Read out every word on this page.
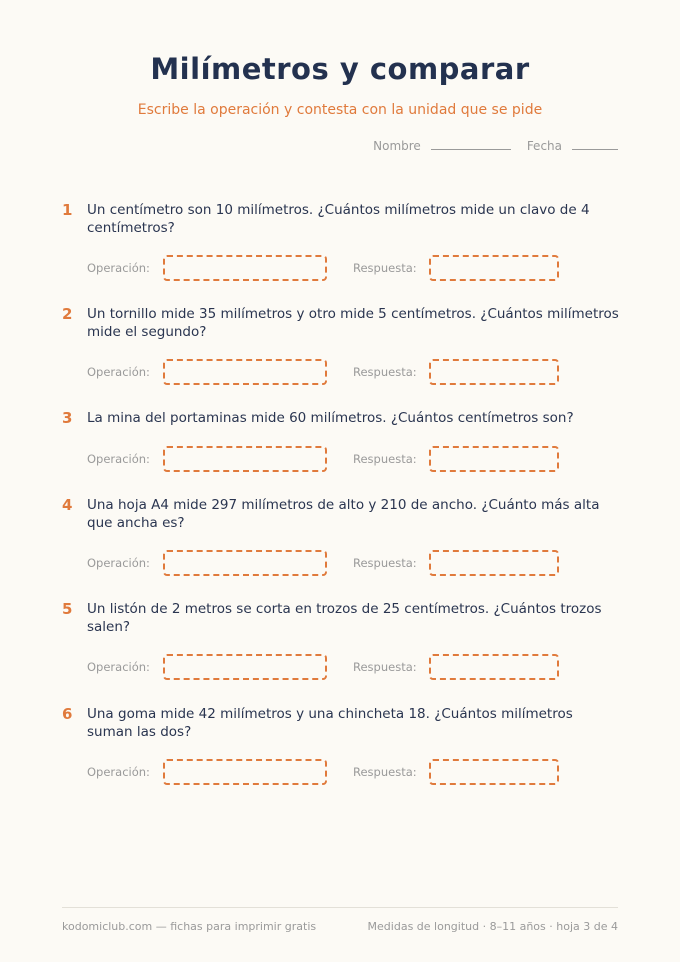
Milímetros y comparar
Escribe la operación y contesta con la unidad que se pide
Nombre	Fecha
1 Un centímetro son 10 milímetros. ¿Cuántos milímetros mide un clavo de 4 centímetros?
Operación:	Respuesta:
2 Un tornillo mide 35 milímetros y otro mide 5 centímetros. ¿Cuántos milímetros mide el segundo?
Operación:	Respuesta:
3 La mina del portaminas mide 60 milímetros. ¿Cuántos centímetros son?
Operación:	Respuesta:
4 Una hoja A4 mide 297 milímetros de alto y 210 de ancho. ¿Cuánto más alta que ancha es?
Operación:	Respuesta:
5 Un listón de 2 metros se corta en trozos de 25 centímetros. ¿Cuántos trozos salen?
Operación:	Respuesta:
6 Una goma mide 42 milímetros y una chincheta 18. ¿Cuántos milímetros suman las dos?
Operación:	Respuesta:
kodomiclub.com — fichas para imprimir gratis	Medidas de longitud · 8–11 años · hoja 3 de 4
